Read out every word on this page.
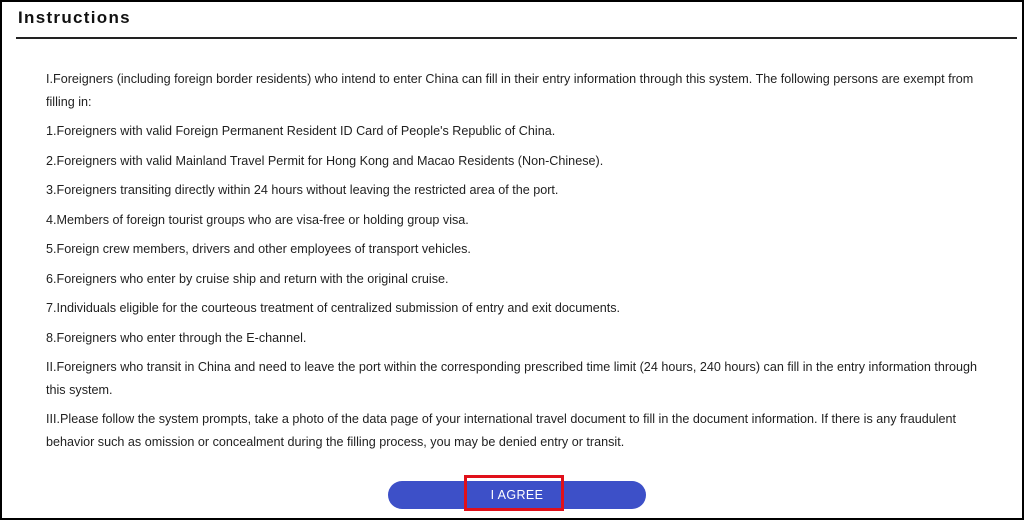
Instructions

I.Foreigners (including foreign border residents) who intend to enter China can fill in their entry information through this system. The following persons are exempt from filling in:

1.Foreigners with valid Foreign Permanent Resident ID Card of People's Republic of China.

2.Foreigners with valid Mainland Travel Permit for Hong Kong and Macao Residents (Non-Chinese).

3.Foreigners transiting directly within 24 hours without leaving the restricted area of the port.

4.Members of foreign tourist groups who are visa-free or holding group visa.

5.Foreign crew members, drivers and other employees of transport vehicles.

6.Foreigners who enter by cruise ship and return with the original cruise.

7.Individuals eligible for the courteous treatment of centralized submission of entry and exit documents.

8.Foreigners who enter through the E-channel.

II.Foreigners who transit in China and need to leave the port within the corresponding prescribed time limit (24 hours, 240 hours) can fill in the entry information through this system.

III.Please follow the system prompts, take a photo of the data page of your international travel document to fill in the document information. If there is any fraudulent behavior such as omission or concealment during the filling process, you may be denied entry or transit.

I AGREE
